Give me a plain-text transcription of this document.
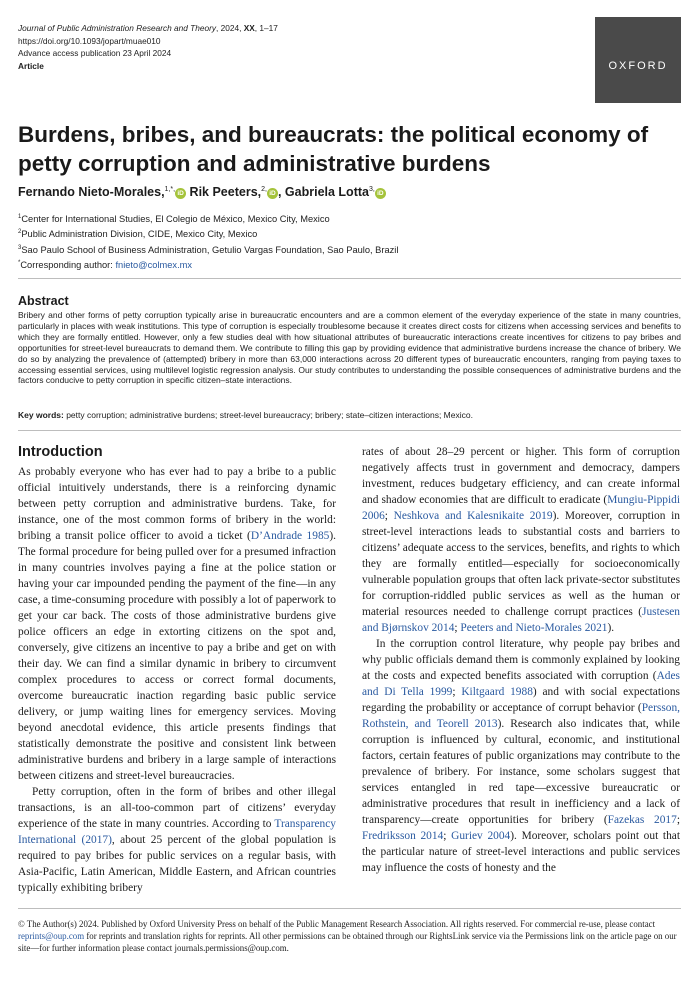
Journal of Public Administration Research and Theory, 2024, XX, 1–17
https://doi.org/10.1093/jopart/muae010
Advance access publication 23 April 2024
Article	OXFORD
Burdens, bribes, and bureaucrats: the political economy of petty corruption and administrative burdens
Fernando Nieto-Morales,$^{1,*,}$iD Rik Peeters,$^{2,}$iD , Gabriela Lotta$^{3,}$iD
$^1$Center for International Studies, El Colegio de México, Mexico City, Mexico
$^2$Public Administration Division, CIDE, Mexico City, Mexico
$^3$Sao Paulo School of Business Administration, Getulio Vargas Foundation, Sao Paulo, Brazil
*Corresponding author: fnieto@colmex.mx
Abstract
Bribery and other forms of petty corruption typically arise in bureaucratic encounters and are a common element of the everyday experience of the state in many countries, particularly in places with weak institutions. This type of corruption is especially troublesome because it creates direct costs for citizens when accessing services and benefits to which they are formally entitled. However, only a few studies deal with how situational attributes of bureaucratic interactions create incentives for citizens to pay bribes and opportunities for street-level bureaucrats to demand them. We contribute to filling this gap by providing evidence that administrative burdens increase the chance of bribery. We do so by analyzing the prevalence of (attempted) bribery in more than 63,000 interactions across 20 different types of bureaucratic encounters, ranging from paying taxes to accessing essential services, using multilevel logistic regression analysis. Our study contributes to understanding the possible consequences of administrative burdens and the factors conducive to petty corruption in specific citizen–state interactions.
Key words: petty corruption; administrative burdens; street-level bureaucracy; bribery; state–citizen interactions; Mexico.
Introduction

As probably everyone who has ever had to pay a bribe to a public official intuitively understands, there is a reinforcing dynamic between petty corruption and administrative burdens. Take, for instance, one of the most common forms of bribery in the world: bribing a transit police officer to avoid a ticket (D’Andrade 1985). The formal procedure for being pulled over for a presumed infraction in many countries involves paying a fine at the police station or having your car impounded pending the payment of the fine—in any case, a time-consuming procedure with possibly a lot of paperwork to get your car back. The costs of those administrative burdens give police officers an edge in extorting citizens on the spot and, conversely, give citizens an incentive to pay a bribe and get on with their day. We can find a similar dynamic in bribery to circumvent complex procedures to access or correct formal documents, overcome bureaucratic inaction regarding basic public service delivery, or jump waiting lines for emergency services. Moving beyond anecdotal evidence, this article presents findings that statistically demonstrate the positive and consistent link between administrative burdens and bribery in a large sample of interactions between citizens and street-level bureaucracies.

Petty corruption, often in the form of bribes and other illegal transactions, is an all-too-common part of citizens’ everyday experience of the state in many countries. According to Transparency International (2017), about 25 percent of the global population is required to pay bribes for public services on a regular basis, with Asia-Pacific, Latin American, Middle Eastern, and African countries typically exhibiting bribery

rates of about 28–29 percent or higher. This form of corruption negatively affects trust in government and democracy, dampers investment, reduces budgetary efficiency, and can create informal and shadow economies that are difficult to eradicate (Mungiu-Pippidi 2006; Neshkova and Kalesnikaite 2019). Moreover, corruption in street-level interactions leads to substantial costs and barriers to citizens’ adequate access to the services, benefits, and rights to which they are formally entitled—especially for socioeconomically vulnerable population groups that often lack private-sector substitutes for corruption-riddled public services as well as the human or material resources needed to challenge corrupt practices (Justesen and Bjørnskov 2014; Peeters and Nieto-Morales 2021).

In the corruption control literature, why people pay bribes and why public officials demand them is commonly explained by looking at the costs and expected benefits associated with corruption (Ades and Di Tella 1999; Kiltgaard 1988) and with social expectations regarding the probability or acceptance of corrupt behavior (Persson, Rothstein, and Teorell 2013). Research also indicates that, while corruption is influenced by cultural, economic, and institutional factors, certain features of public organizations may contribute to the prevalence of bribery. For instance, some scholars suggest that services entangled in red tape—excessive bureaucratic or administrative procedures that result in inefficiency and a lack of transparency—create opportunities for bribery (Fazekas 2017; Fredriksson 2014; Guriev 2004). Moreover, scholars point out that the particular nature of street-level interactions and public services may influence the costs of honesty and the

© The Author(s) 2024. Published by Oxford University Press on behalf of the Public Management Research Association. All rights reserved. For commercial re-use, please contact reprints@oup.com for reprints and translation rights for reprints. All other permissions can be obtained through our RightsLink service via the Permissions link on the article page on our site—for further information please contact journals.permissions@oup.com.
